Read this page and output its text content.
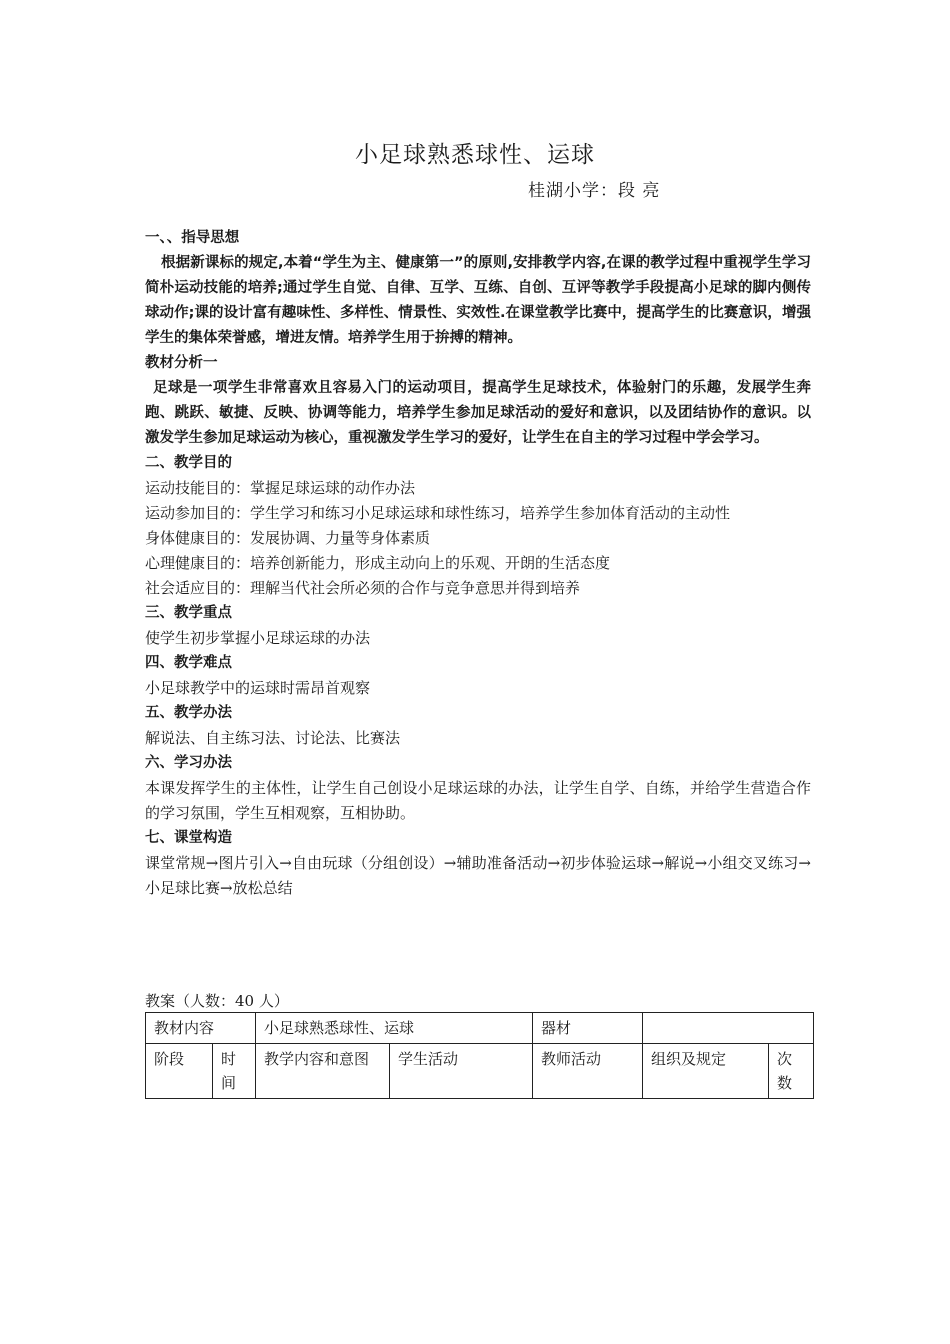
小足球熟悉球性、运球
桂湖小学：段 亮
一、、指导思想
根据新课标的规定,本着“学生为主、健康第一”的原则,安排教学内容,在课的教学过程中重视学生学习简朴运动技能的培养;通过学生自觉、自律、互学、互练、自创、互评等教学手段提高小足球的脚内侧传球动作;课的设计富有趣味性、多样性、情景性、实效性.在课堂教学比赛中，提高学生的比赛意识，增强学生的集体荣誉感，增进友情。培养学生用于拚搏的精神。
教材分析一
足球是一项学生非常喜欢且容易入门的运动项目，提高学生足球技术，体验射门的乐趣，发展学生奔跑、跳跃、敏捷、反映、协调等能力，培养学生参加足球活动的爱好和意识，以及团结协作的意识。以激发学生参加足球运动为核心，重视激发学生学习的爱好，让学生在自主的学习过程中学会学习。
二、教学目的
运动技能目的：掌握足球运球的动作办法
运动参加目的：学生学习和练习小足球运球和球性练习，培养学生参加体育活动的主动性
身体健康目的：发展协调、力量等身体素质
心理健康目的：培养创新能力，形成主动向上的乐观、开朗的生活态度
社会适应目的：理解当代社会所必须的合作与竞争意思并得到培养
三、教学重点
使学生初步掌握小足球运球的办法
四、教学难点
小足球教学中的运球时需昂首观察
五、教学办法
解说法、自主练习法、讨论法、比赛法
六、学习办法
本课发挥学生的主体性，让学生自己创设小足球运球的办法，让学生自学、自练，并给学生营造合作的学习氛围，学生互相观察，互相协助。
七、课堂构造
课堂常规→图片引入→自由玩球（分组创设）→辅助准备活动→初步体验运球→解说→小组交叉练习→小足球比赛→放松总结
教案（人数：40 人）
教材内容		小足球熟悉球性、运球		器材		
阶段	时间	教学内容和意图	学生活动	教师活动	组织及规定	次数
